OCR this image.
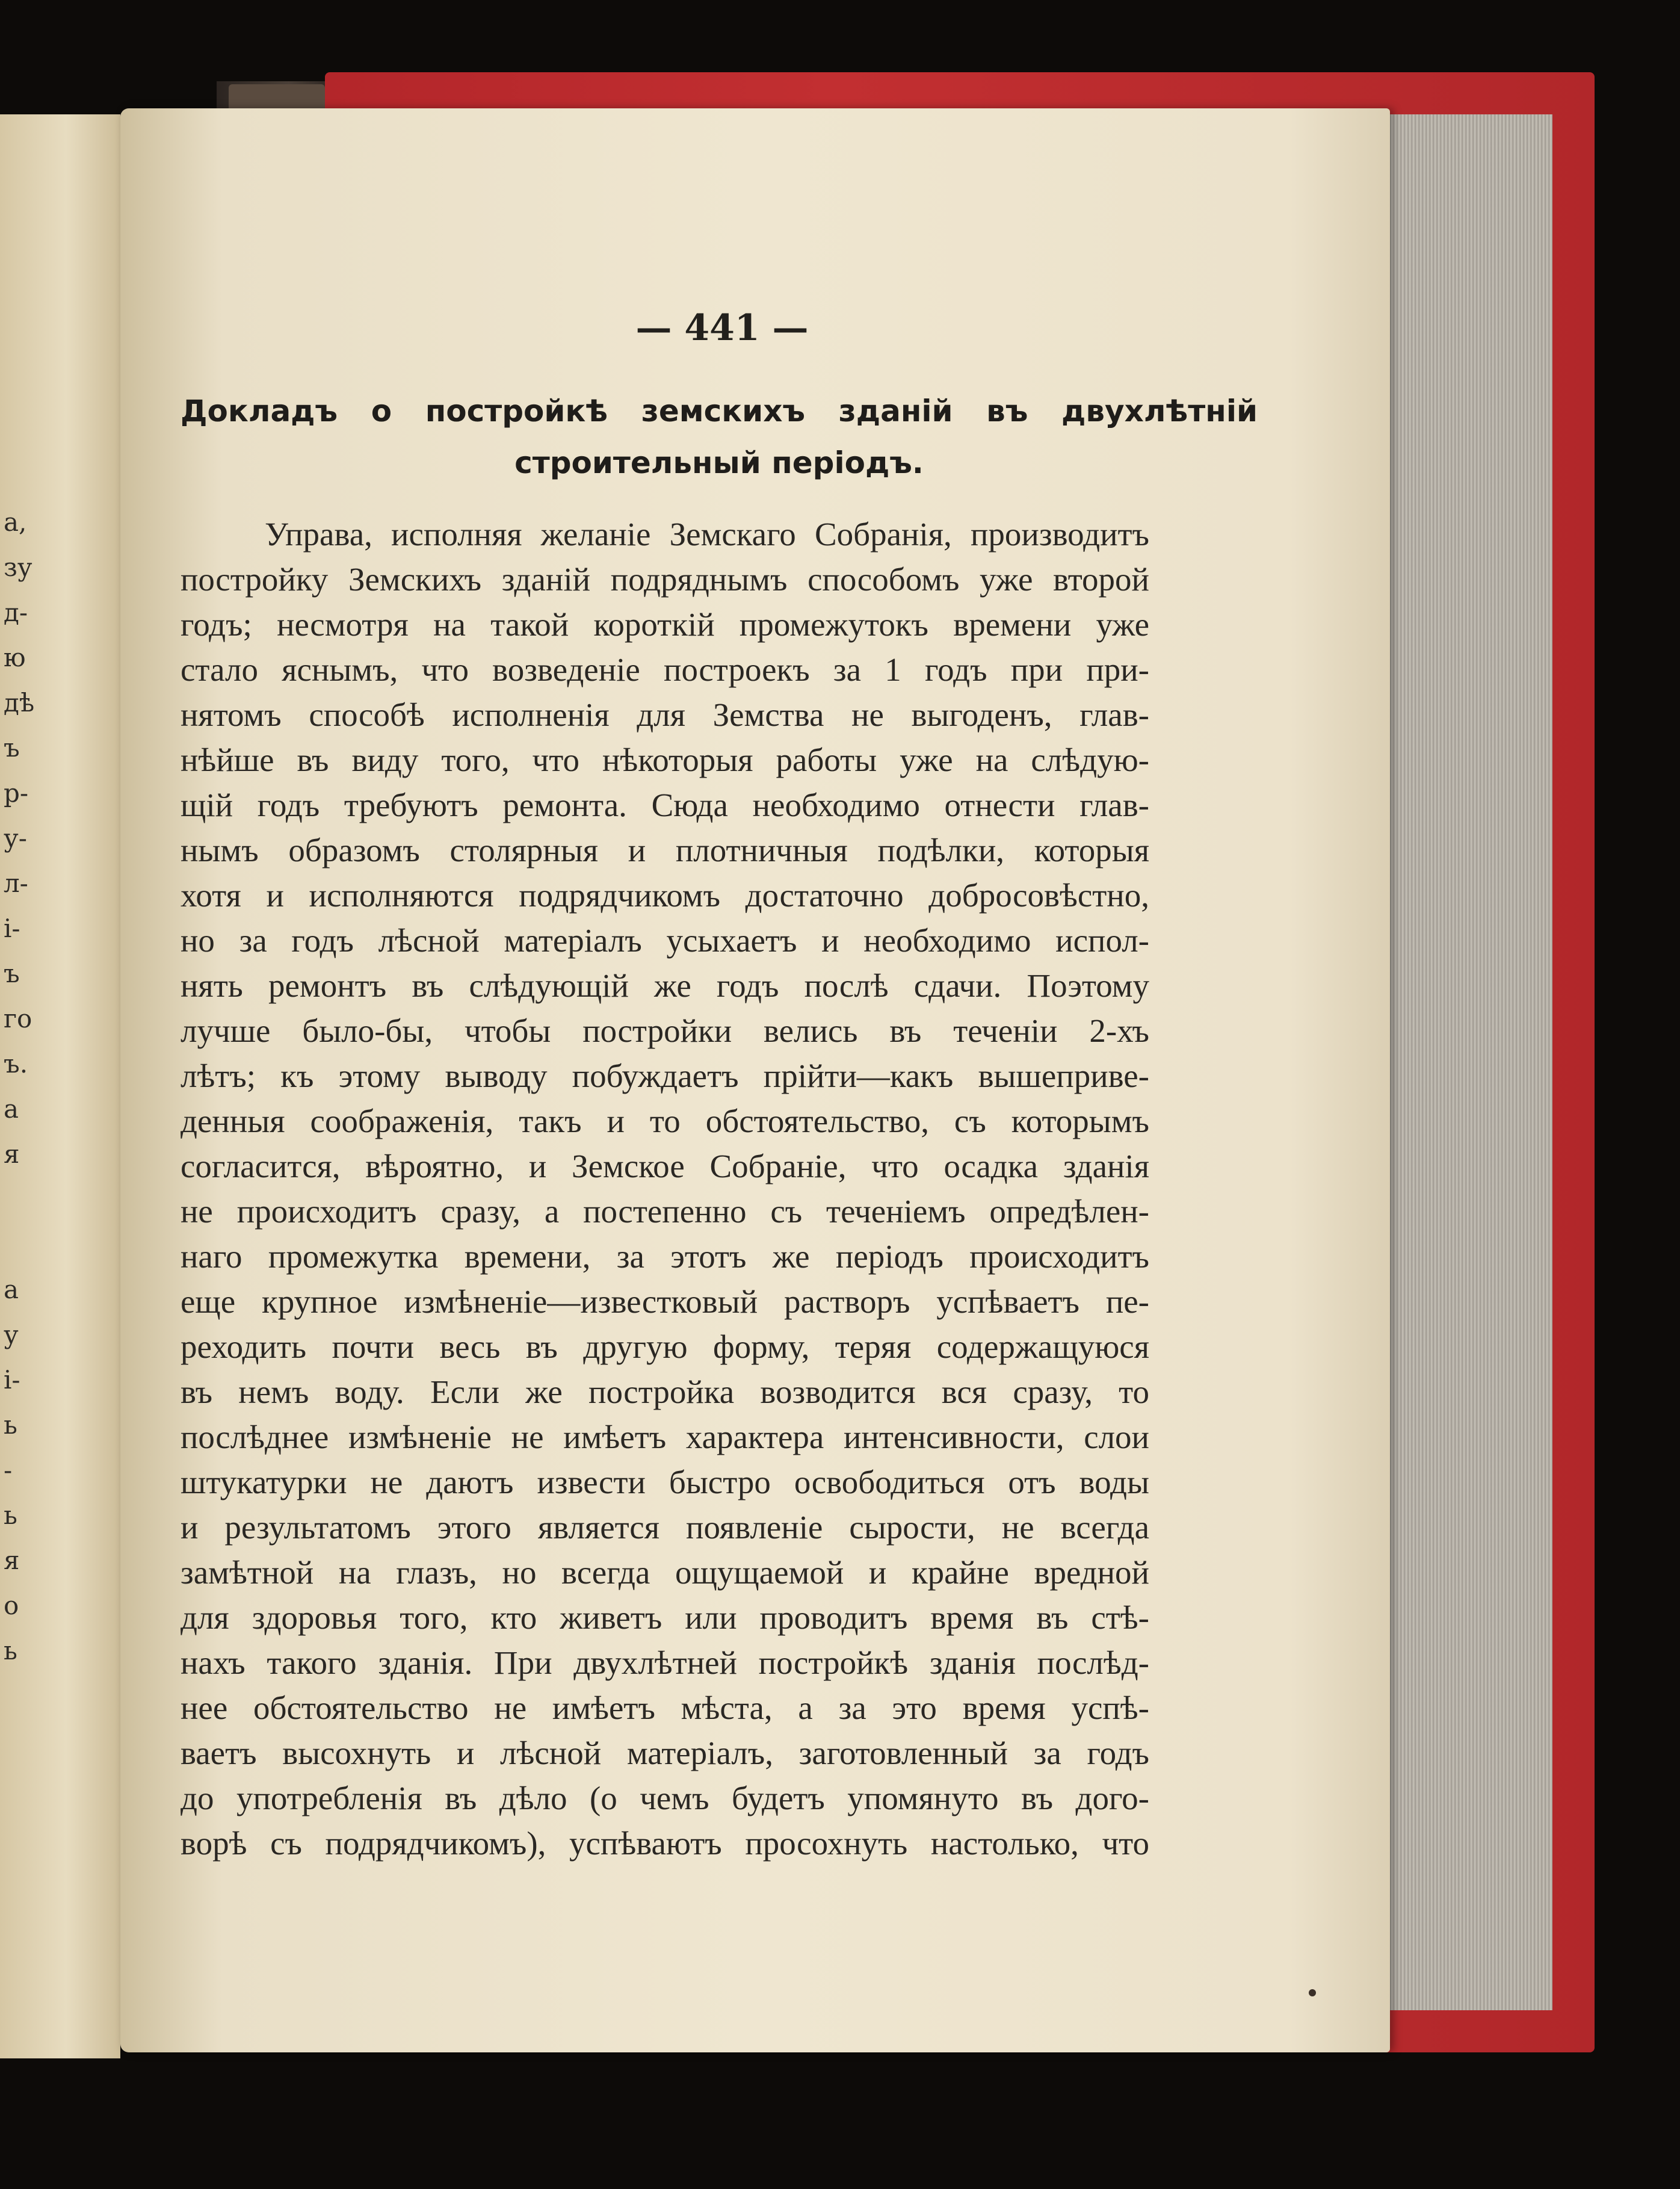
а,
зу
д-
ю
дѣ
ъ
р-
у-
л-
і-
ъ
го
ъ.
а
я
а
у
і-
ь
-
ь
я
о
ь
— 441 —
Докладъ о постройкѣ земскихъ зданій въ двухлѣтній
строительный періодъ.
Управа, исполняя желаніе Земскаго Собранія, производитъ
постройку Земскихъ зданій подряднымъ способомъ уже второй
годъ; несмотря на такой короткій промежутокъ времени уже
стало яснымъ, что возведеніе построекъ за 1 годъ при при-
нятомъ способѣ исполненія для Земства не выгоденъ, глав-
нѣйше въ виду того, что нѣкоторыя работы уже на слѣдую-
щій годъ требуютъ ремонта. Сюда необходимо отнести глав-
нымъ образомъ столярныя и плотничныя подѣлки, которыя
хотя и исполняются подрядчикомъ достаточно добросовѣстно,
но за годъ лѣсной матеріалъ усыхаетъ и необходимо испол-
нять ремонтъ въ слѣдующій же годъ послѣ сдачи. Поэтому
лучше было-бы, чтобы постройки велись въ теченіи 2-хъ
лѣтъ; къ этому выводу побуждаетъ прійти—какъ вышеприве-
денныя соображенія, такъ и то обстоятельство, съ которымъ
согласится, вѣроятно, и Земское Собраніе, что осадка зданія
не происходитъ сразу, а постепенно съ теченіемъ опредѣлен-
наго промежутка времени, за этотъ же періодъ происходитъ
еще крупное измѣненіе—известковый растворъ успѣваетъ пе-
реходить почти весь въ другую форму, теряя содержащуюся
въ немъ воду. Если же постройка возводится вся сразу, то
послѣднее измѣненіе не имѣетъ характера интенсивности, слои
штукатурки не даютъ извести быстро освободиться отъ воды
и результатомъ этого является появленіе сырости, не всегда
замѣтной на глазъ, но всегда ощущаемой и крайне вредной
для здоровья того, кто живетъ или проводитъ время въ стѣ-
нахъ такого зданія. При двухлѣтней постройкѣ зданія послѣд-
нее обстоятельство не имѣетъ мѣста, а за это время успѣ-
ваетъ высохнуть и лѣсной матеріалъ, заготовленный за годъ
до употребленія въ дѣло (о чемъ будетъ упомянуто въ дого-
ворѣ съ подрядчикомъ), успѣваютъ просохнуть настолько, что
